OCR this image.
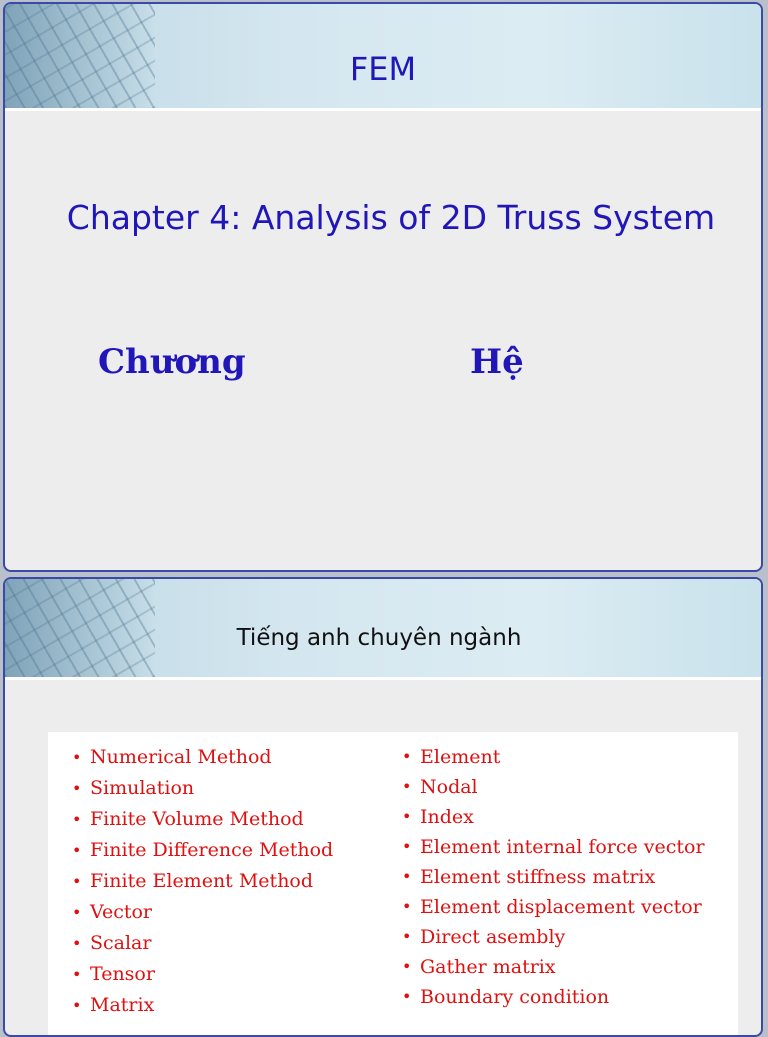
FEM
Chapter 4: Analysis of 2D Truss System
Chương	Hệ
Tiếng anh chuyên ngành
• Numerical Method
• Simulation
• Finite Volume Method
• Finite Difference Method
• Finite Element Method
• Vector
• Scalar
• Tensor
• Matrix
• Element
• Nodal
• Index
• Element internal force vector
• Element stiffness matrix
• Element displacement vector
• Direct asembly
• Gather matrix
• Boundary condition
